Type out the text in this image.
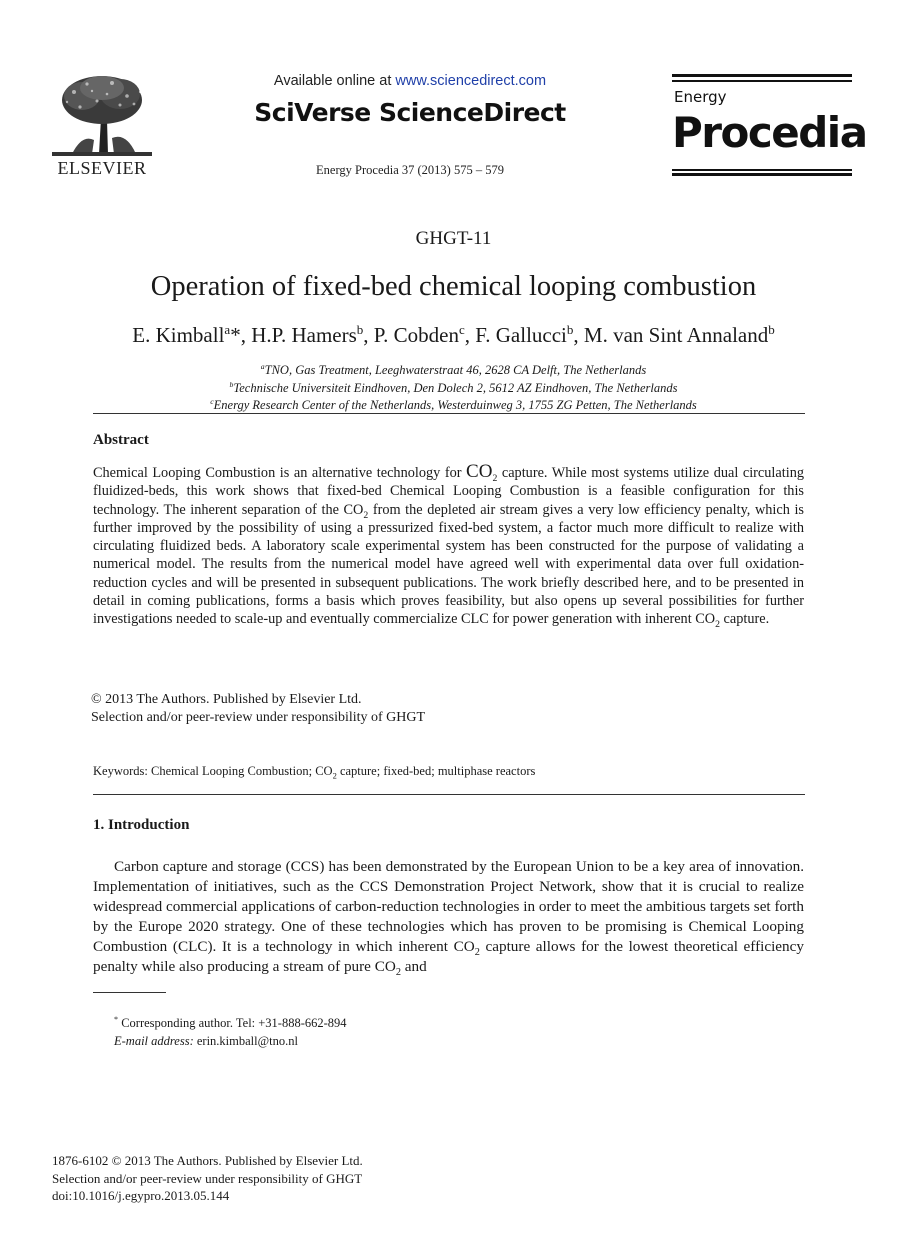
ELSEVIER
Available online at www.sciencedirect.com
SciVerse ScienceDirect
Energy Procedia 37 (2013) 575 – 579
Energy
Procedia
GHGT-11
Operation of fixed-bed chemical looping combustion
E. Kimball$^a$*, H.P. Hamers$^b$, P. Cobden$^c$, F. Gallucci$^b$, M. van Sint Annaland$^b$
$^a$TNO, Gas Treatment, Leeghwaterstraat 46, 2628 CA Delft, The Netherlands
$^b$Technische Universiteit Eindhoven, Den Dolech 2, 5612 AZ Eindhoven, The Netherlands
$^c$Energy Research Center of the Netherlands, Westerduinweg 3, 1755 ZG Petten, The Netherlands
Abstract
Chemical Looping Combustion is an alternative technology for $CO_2$ capture. While most systems utilize dual circulating fluidized-beds, this work shows that fixed-bed Chemical Looping Combustion is a feasible configuration for this technology. The inherent separation of the $CO_2$ from the depleted air stream gives a very low efficiency penalty, which is further improved by the possibility of using a pressurized fixed-bed system, a factor much more difficult to realize with circulating fluidized beds. A laboratory scale experimental system has been constructed for the purpose of validating a numerical model. The results from the numerical model have agreed well with experimental data over full oxidation-reduction cycles and will be presented in subsequent publications. The work briefly described here, and to be presented in detail in coming publications, forms a basis which proves feasibility, but also opens up several possibilities for further investigations needed to scale-up and eventually commercialize CLC for power generation with inherent $CO_2$ capture.
© 2013 The Authors. Published by Elsevier Ltd.
Selection and/or peer-review under responsibility of GHGT
Keywords: Chemical Looping Combustion; $CO_2$ capture; fixed-bed; multiphase reactors
1. Introduction
Carbon capture and storage (CCS) has been demonstrated by the European Union to be a key area of innovation. Implementation of initiatives, such as the CCS Demonstration Project Network, show that it is crucial to realize widespread commercial applications of carbon-reduction technologies in order to meet the ambitious targets set forth by the Europe 2020 strategy. One of these technologies which has proven to be promising is Chemical Looping Combustion (CLC). It is a technology in which inherent $CO_2$ capture allows for the lowest theoretical efficiency penalty while also producing a stream of pure $CO_2$ and
* Corresponding author. Tel: +31-888-662-894
E-mail address: erin.kimball@tno.nl
1876-6102 © 2013 The Authors. Published by Elsevier Ltd.
Selection and/or peer-review under responsibility of GHGT
doi:10.1016/j.egypro.2013.05.144
